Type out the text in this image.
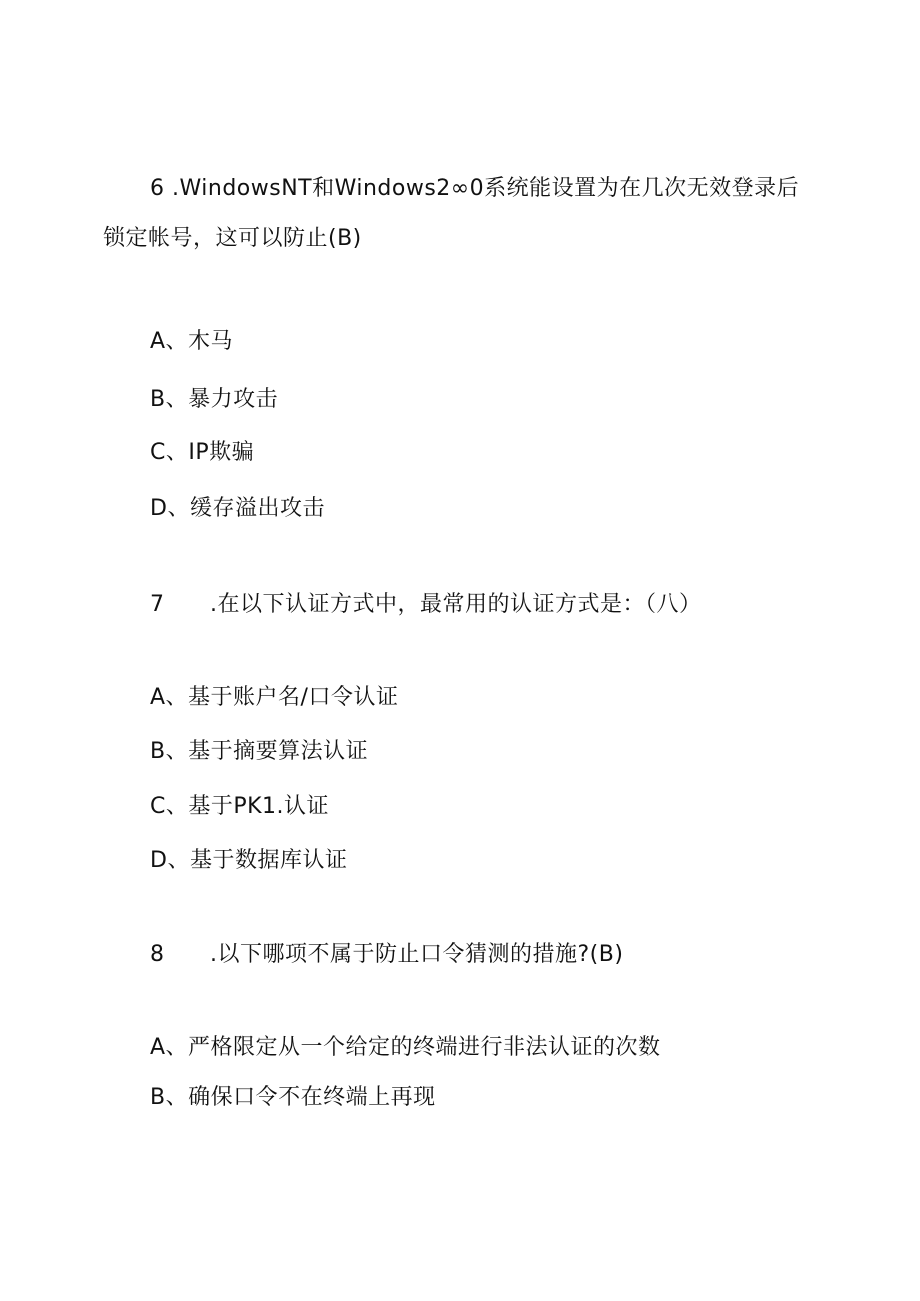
6 .WindowsNT和Windows2∞0系统能设置为在几次无效登录后
锁定帐号，这可以防止(B)
A、木马
B、暴力攻击
C、IP欺骗
D、缓存溢出攻击
7 .在以下认证方式中，最常用的认证方式是：（八）
A、基于账户名/口令认证
B、基于摘要算法认证
C、基于PK1.认证
D、基于数据库认证
8 .以下哪项不属于防止口令猜测的措施?(B)
A、严格限定从一个给定的终端进行非法认证的次数
B、确保口令不在终端上再现
